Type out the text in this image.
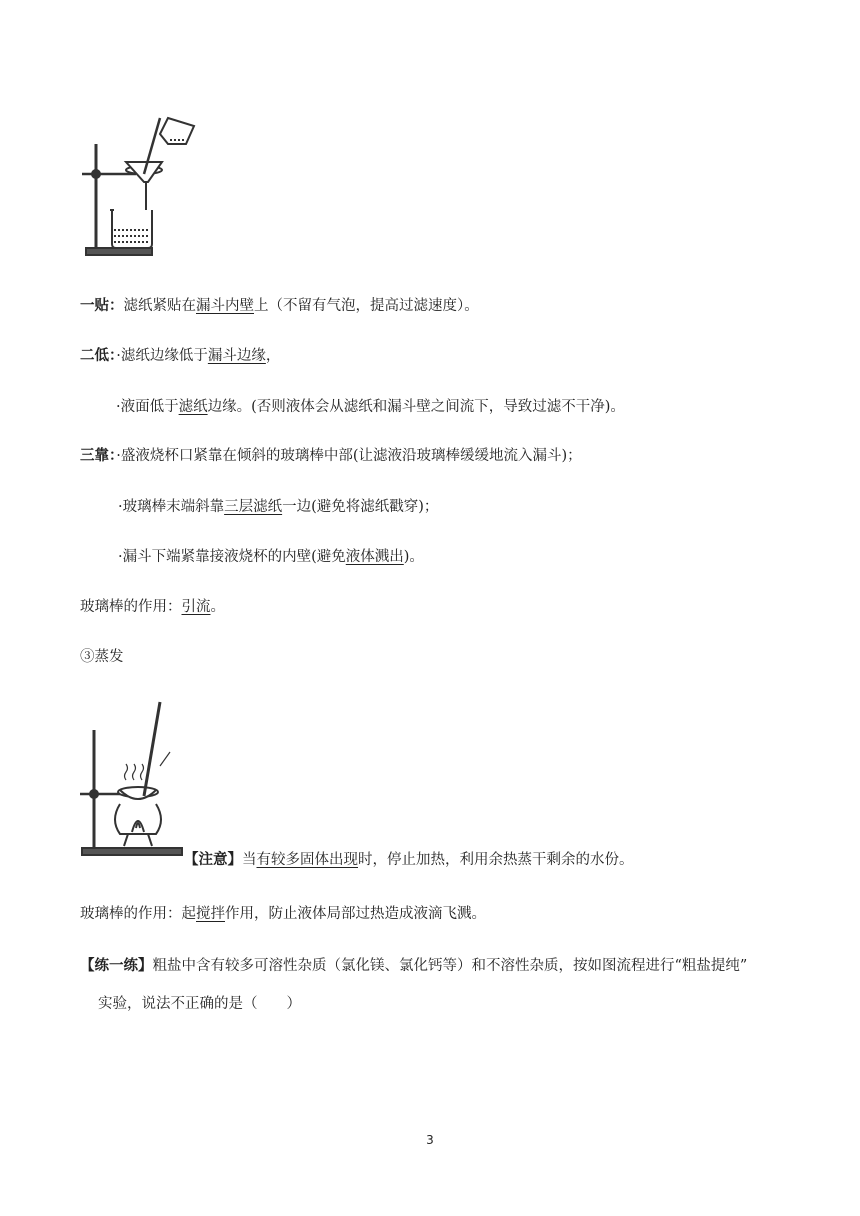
一贴：滤纸紧贴在漏斗内壁上（不留有气泡，提高过滤速度）。
二低：·滤纸边缘低于漏斗边缘，
·液面低于滤纸边缘。(否则液体会从滤纸和漏斗壁之间流下，导致过滤不干净)。
三靠：·盛液烧杯口紧靠在倾斜的玻璃棒中部(让滤液沿玻璃棒缓缓地流入漏斗)；
·玻璃棒末端斜靠三层滤纸一边(避免将滤纸戳穿)；
·漏斗下端紧靠接液烧杯的内壁(避免液体溅出)。
玻璃棒的作用：引流。
③蒸发
【注意】当有较多固体出现时，停止加热，利用余热蒸干剩余的水份。
玻璃棒的作用：起搅拌作用，防止液体局部过热造成液滴飞溅。
【练一练】粗盐中含有较多可溶性杂质（氯化镁、氯化钙等）和不溶性杂质，按如图流程进行“粗盐提纯”
实验，说法不正确的是（　　）
3
